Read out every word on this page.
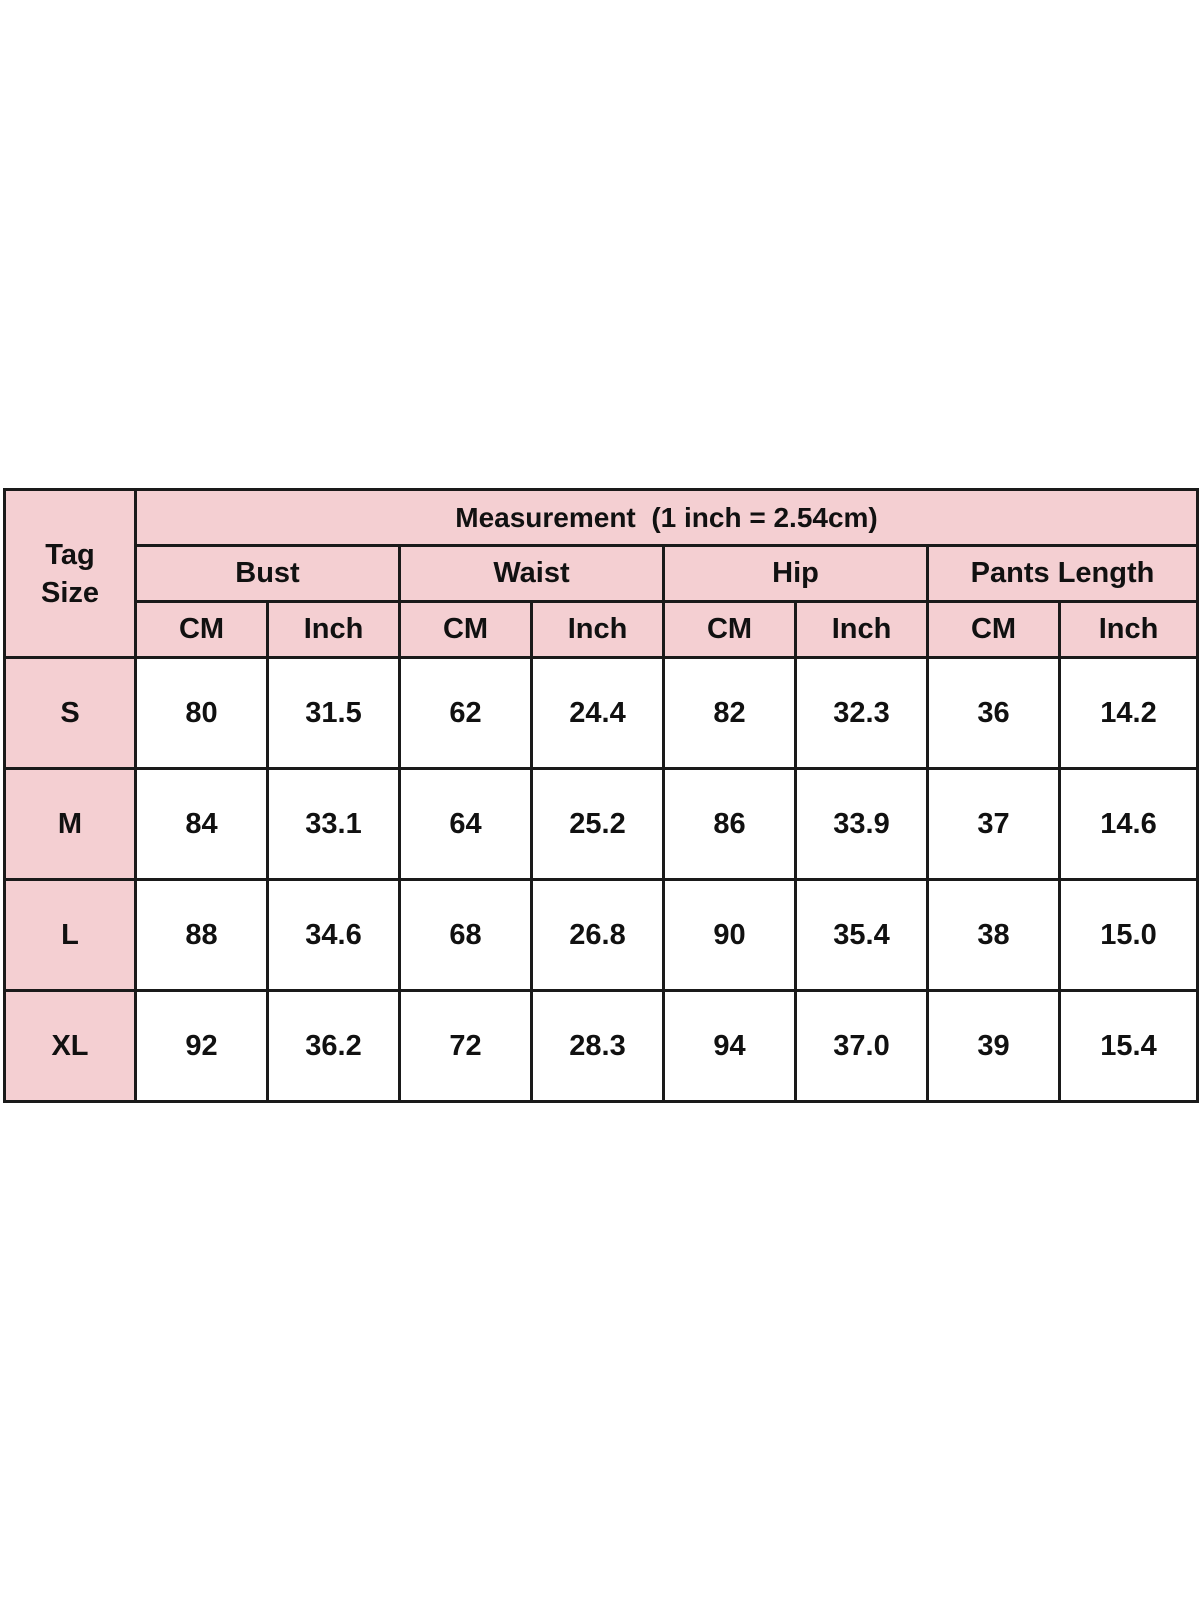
Tag
Size	Measurement  (1 inch = 2.54cm)							
	Bust		Waist		Hip		Pants Length	
	CM	Inch	CM	Inch	CM	Inch	CM	Inch
S	80	31.5	62	24.4	82	32.3	36	14.2
M	84	33.1	64	25.2	86	33.9	37	14.6
L	88	34.6	68	26.8	90	35.4	38	15.0
XL	92	36.2	72	28.3	94	37.0	39	15.4
